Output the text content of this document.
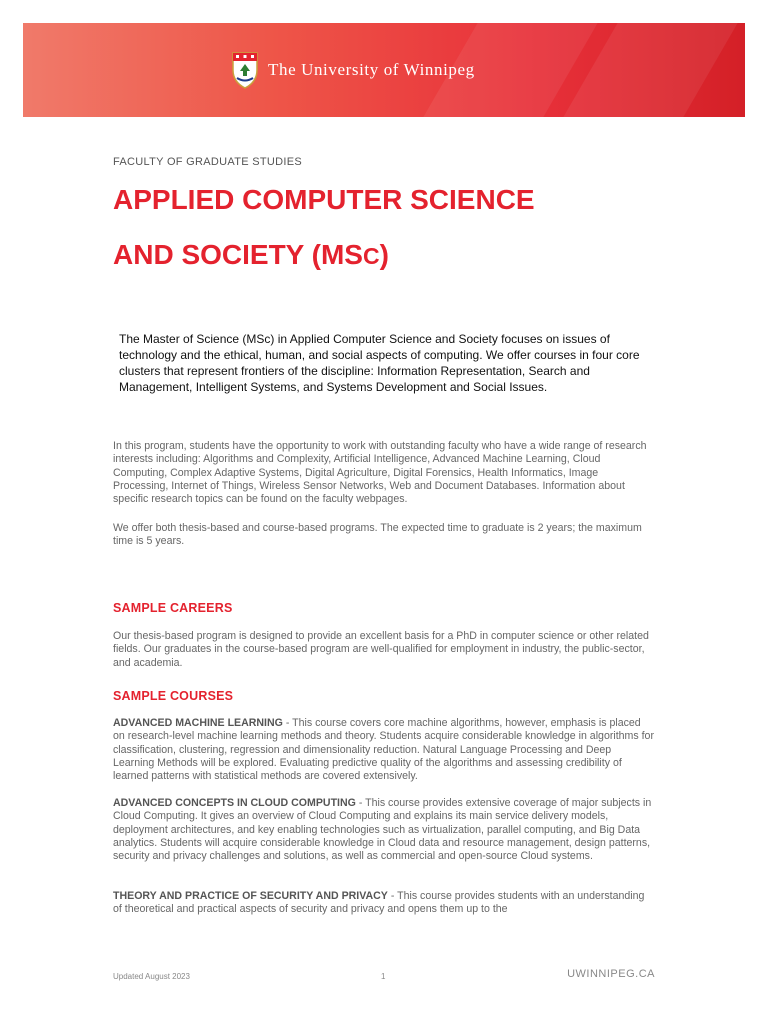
The University of Winnipeg
FACULTY OF GRADUATE STUDIES
APPLIED COMPUTER SCIENCE
AND SOCIETY (MSC)

The Master of Science (MSc) in Applied Computer Science and Society focuses on issues of technology and the ethical, human, and social aspects of computing. We offer courses in four core clusters that represent frontiers of the discipline: Information Representation, Search and Management, Intelligent Systems, and Systems Development and Social Issues.

In this program, students have the opportunity to work with outstanding faculty who have a wide range of research interests including: Algorithms and Complexity, Artificial Intelligence, Advanced Machine Learning, Cloud Computing, Complex Adaptive Systems, Digital Agriculture, Digital Forensics, Health Informatics, Image Processing, Internet of Things, Wireless Sensor Networks, Web and Document Databases. Information about specific research topics can be found on the faculty webpages.

We offer both thesis-based and course-based programs. The expected time to graduate is 2 years; the maximum time is 5 years.

SAMPLE CAREERS

Our thesis-based program is designed to provide an excellent basis for a PhD in computer science or other related fields. Our graduates in the course-based program are well-qualified for employment in industry, the public-sector, and academia.

SAMPLE COURSES

ADVANCED MACHINE LEARNING - This course covers core machine algorithms, however, emphasis is placed on research-level machine learning methods and theory. Students acquire considerable knowledge in algorithms for classification, clustering, regression and dimensionality reduction. Natural Language Processing and Deep Learning Methods will be explored. Evaluating predictive quality of the algorithms and assessing credibility of learned patterns with statistical methods are covered extensively.

ADVANCED CONCEPTS IN CLOUD COMPUTING - This course provides extensive coverage of major subjects in Cloud Computing. It gives an overview of Cloud Computing and explains its main service delivery models, deployment architectures, and key enabling technologies such as virtualization, parallel computing, and Big Data analytics. Students will acquire considerable knowledge in Cloud data and resource management, design patterns, security and privacy challenges and solutions, as well as commercial and open-source Cloud systems.

THEORY AND PRACTICE OF SECURITY AND PRIVACY - This course provides students with an understanding of theoretical and practical aspects of security and privacy and opens them up to the

Updated August 2023	1	UWINNIPEG.CA
